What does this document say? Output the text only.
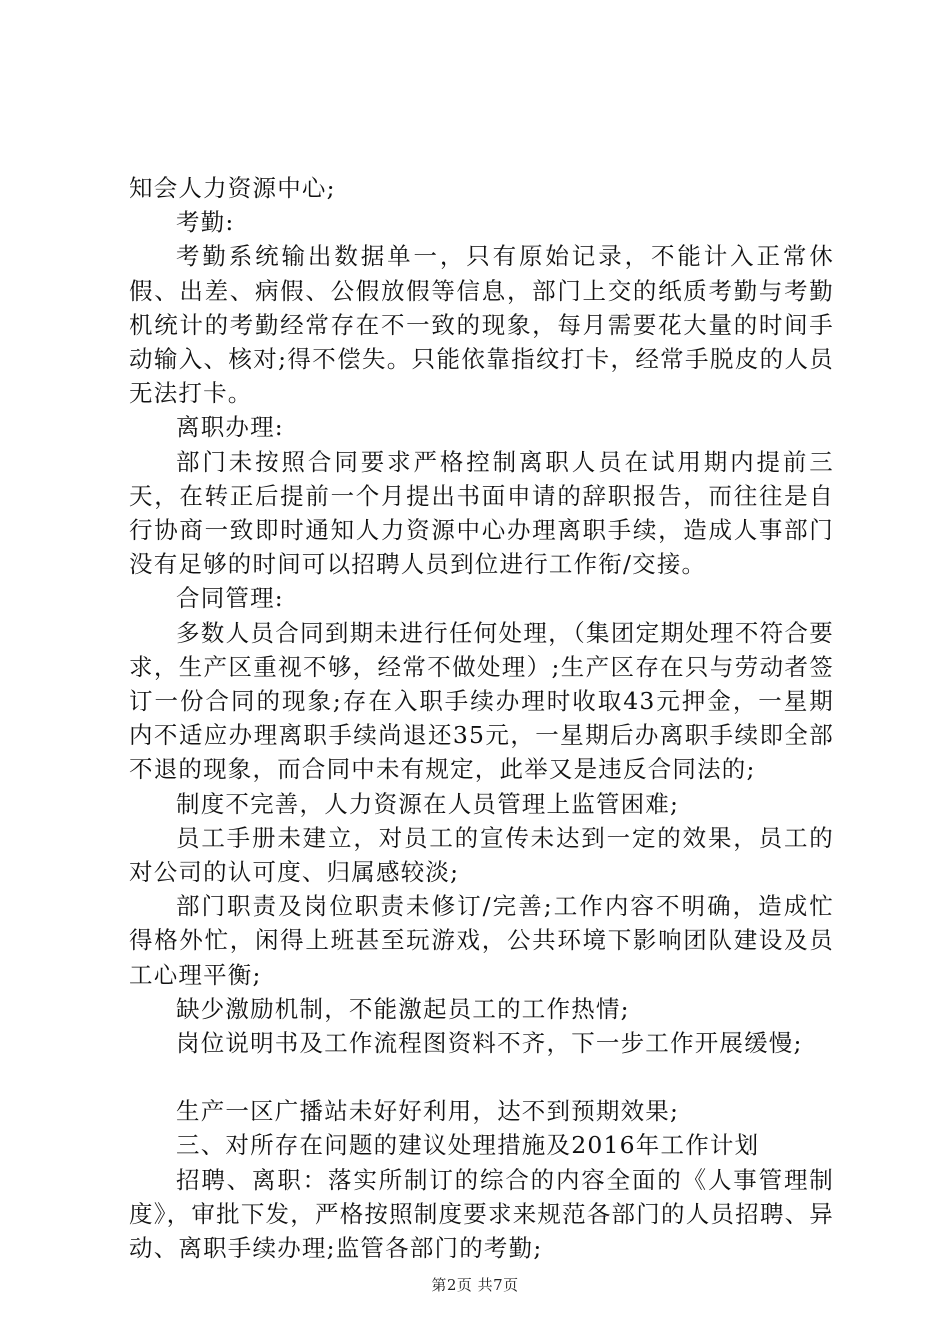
知会人力资源中心;

考勤:

考勤系统输出数据单一，只有原始记录，不能计入正常休假、出差、病假、公假放假等信息，部门上交的纸质考勤与考勤机统计的考勤经常存在不一致的现象，每月需要花大量的时间手动输入、核对;得不偿失。只能依靠指纹打卡，经常手脱皮的人员无法打卡。

离职办理:

部门未按照合同要求严格控制离职人员在试用期内提前三天，在转正后提前一个月提出书面申请的辞职报告，而往往是自行协商一致即时通知人力资源中心办理离职手续，造成人事部门没有足够的时间可以招聘人员到位进行工作衔/交接。

合同管理:

多数人员合同到期未进行任何处理，（集团定期处理不符合要求，生产区重视不够，经常不做处理）;生产区存在只与劳动者签订一份合同的现象;存在入职手续办理时收取43元押金，一星期内不适应办理离职手续尚退还35元，一星期后办离职手续即全部不退的现象，而合同中未有规定，此举又是违反合同法的;

制度不完善，人力资源在人员管理上监管困难;

员工手册未建立，对员工的宣传未达到一定的效果，员工的对公司的认可度、归属感较淡;

部门职责及岗位职责未修订/完善;工作内容不明确，造成忙得格外忙，闲得上班甚至玩游戏，公共环境下影响团队建设及员工心理平衡;

缺少激励机制，不能激起员工的工作热情;

岗位说明书及工作流程图资料不齐，下一步工作开展缓慢;

生产一区广播站未好好利用，达不到预期效果;

三、对所存在问题的建议处理措施及2016年工作计划

招聘、离职：落实所制订的综合的内容全面的《人事管理制度》，审批下发，严格按照制度要求来规范各部门的人员招聘、异动、离职手续办理;监管各部门的考勤;

第2页 共7页
